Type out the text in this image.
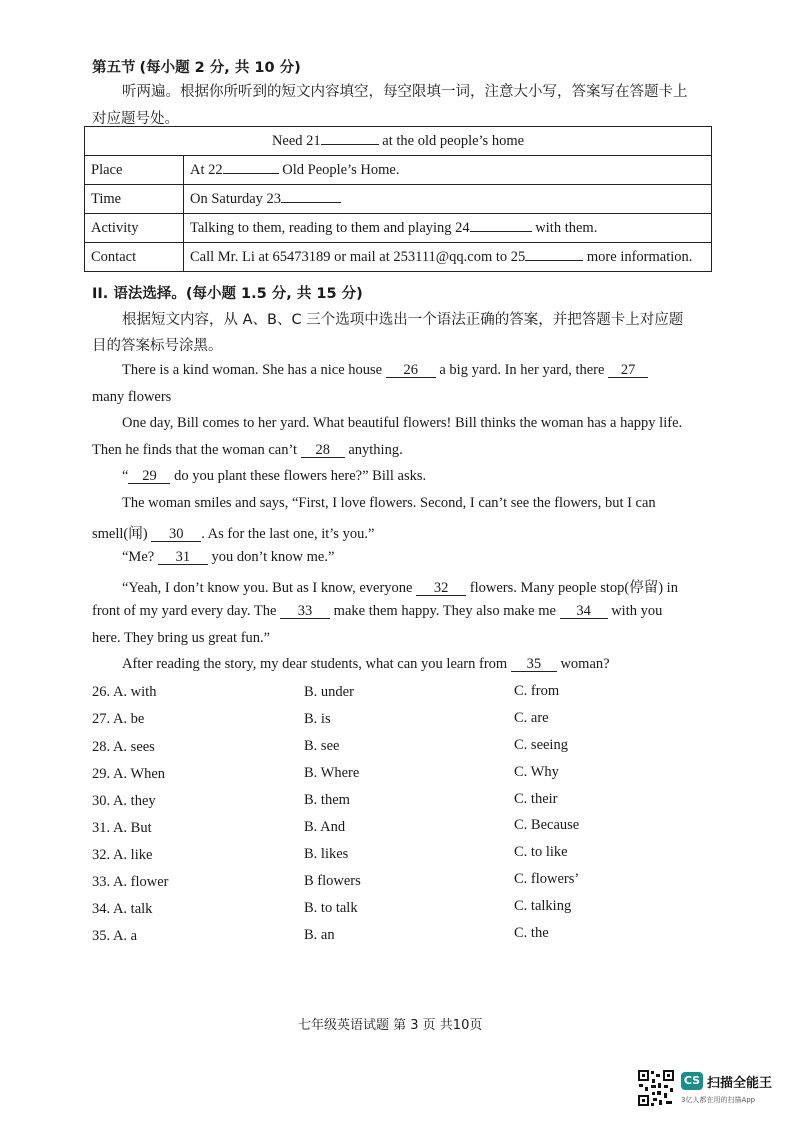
第五节 (每小题 2 分, 共 10 分)
听两遍。根据你所听到的短文内容填空，每空限填一词，注意大小写，答案写在答题卡上
对应题号处。
Need 21 at the old people’s home	
Place	At 22 Old People’s Home.
Time	On Saturday 23
Activity	Talking to them, reading to them and playing 24 with them.
Contact	Call Mr. Li at 65473189 or mail at 253111@qq.com to 25 more information.
II. 语法选择。(每小题 1.5 分, 共 15 分)
根据短文内容，从 A、B、C 三个选项中选出一个语法正确的答案，并把答题卡上对应题
目的答案标号涂黑。
There is a kind woman. She has a nice house 26 a big yard. In her yard, there 27
many flowers
One day, Bill comes to her yard. What beautiful flowers! Bill thinks the woman has a happy life.
Then he finds that the woman can’t 28 anything.
“ 29 do you plant these flowers here?” Bill asks.
The woman smiles and says, “First, I love flowers. Second, I can’t see the flowers, but I can
smell(闻) 30 . As for the last one, it’s you.”
“Me? 31 you don’t know me.”
“Yeah, I don’t know you. But as I know, everyone 32 flowers. Many people stop(停留) in
front of my yard every day. The 33 make them happy. They also make me 34 with you
here. They bring us great fun.”
After reading the story, my dear students, what can you learn from 35 woman?
26. A. with	B. under	C. from
27. A. be	B. is	C. are
28. A. sees	B. see	C. seeing
29. A. When	B. Where	C. Why
30. A. they	B. them	C. their
31. A. But	B. And	C. Because
32. A. like	B. likes	C. to like
33. A. flower	B flowers	C. flowers’
34. A. talk	B. to talk	C. talking
35. A. a	B. an	C. the
七年级英语试题 第 3 页 共10页
CS 扫描全能王
3亿人都在用的扫描App
